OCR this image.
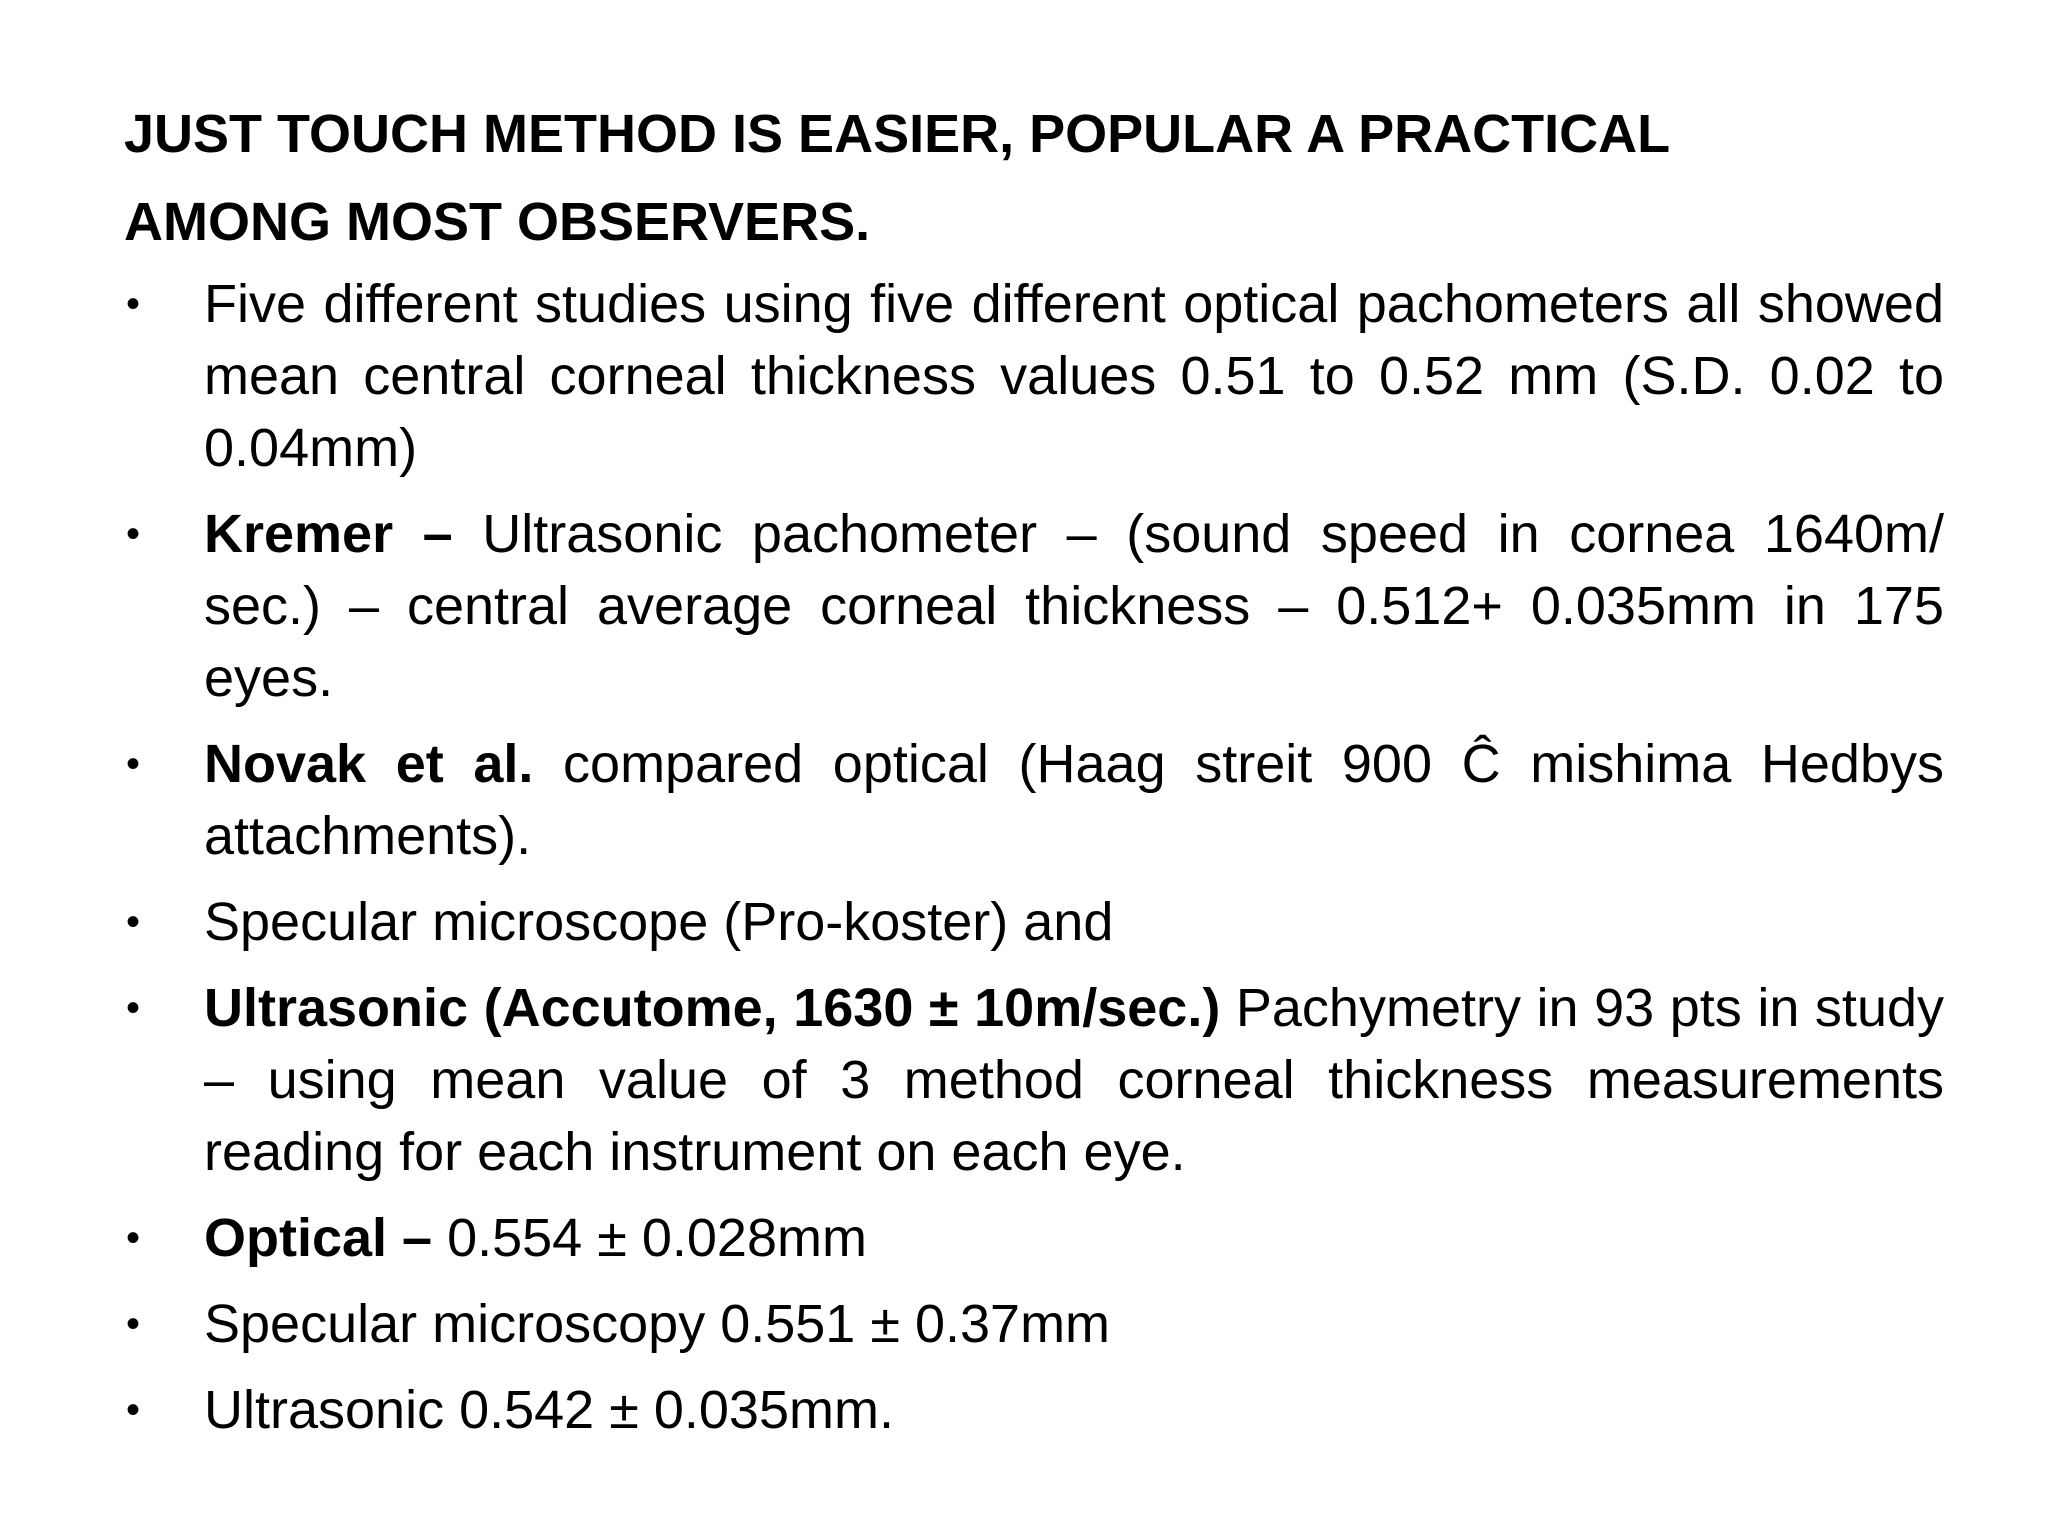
JUST TOUCH METHOD IS EASIER, POPULAR A PRACTICAL
AMONG MOST OBSERVERS.
• Five different studies using five different optical pachometers all showed mean central corneal thickness values 0.51 to 0.52 mm (S.D. 0.02 to 0.04mm)
• Kremer – Ultrasonic pachometer – (sound speed in cornea 1640m/ sec.) – central average corneal thickness – 0.512+ 0.035mm in 175 eyes.
• Novak et al. compared optical (Haag streit 900 Ĉ mishima Hedbys attachments).
• Specular microscope (Pro-koster) and
• Ultrasonic (Accutome, 1630 ± 10m/sec.) Pachymetry in 93 pts in study – using mean value of 3 method corneal thickness measurements reading for each instrument on each eye.
• Optical – 0.554 ± 0.028mm
• Specular microscopy 0.551 ± 0.37mm
• Ultrasonic 0.542 ± 0.035mm.
